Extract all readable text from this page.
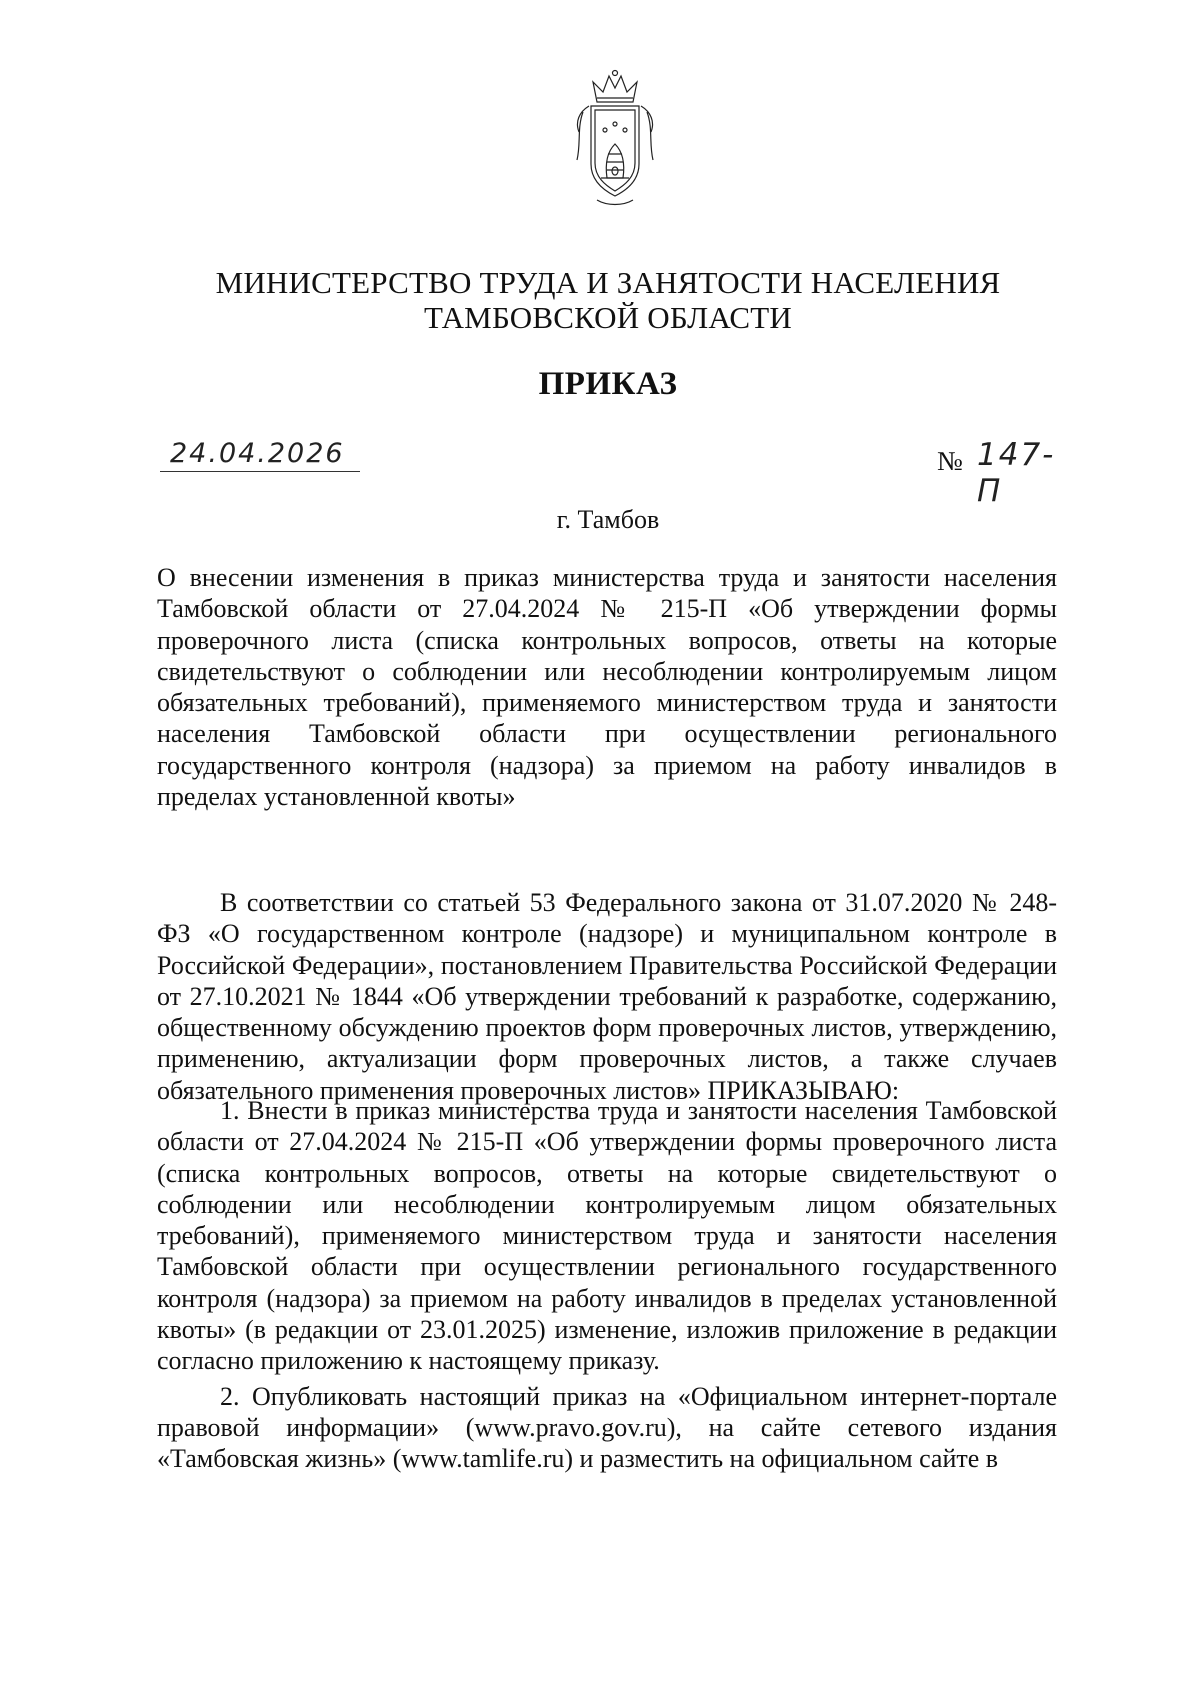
МИНИСТЕРСТВО ТРУДА И ЗАНЯТОСТИ НАСЕЛЕНИЯ
ТАМБОВСКОЙ ОБЛАСТИ
ПРИКАЗ
24.04.2026	№ 147-П
г. Тамбов
О внесении изменения в приказ министерства труда и занятости населения Тамбовской области от 27.04.2024 № 215-П «Об утверждении формы проверочного листа (списка контрольных вопросов, ответы на которые свидетельствуют о соблюдении или несоблюдении контролируемым лицом обязательных требований), применяемого министерством труда и занятости населения Тамбовской области при осуществлении регионального государственного контроля (надзора) за приемом на работу инвалидов в пределах установленной квоты»
В соответствии со статьей 53 Федерального закона от 31.07.2020 № 248-ФЗ «О государственном контроле (надзоре) и муниципальном контроле в Российской Федерации», постановлением Правительства Российской Федерации от 27.10.2021 № 1844 «Об утверждении требований к разработке, содержанию, общественному обсуждению проектов форм проверочных листов, утверждению, применению, актуализации форм проверочных листов, а также случаев обязательного применения проверочных листов» ПРИКАЗЫВАЮ:

1. Внести в приказ министерства труда и занятости населения Тамбовской области от 27.04.2024 № 215-П «Об утверждении формы проверочного листа (списка контрольных вопросов, ответы на которые свидетельствуют о соблюдении или несоблюдении контролируемым лицом обязательных требований), применяемого министерством труда и занятости населения Тамбовской области при осуществлении регионального государственного контроля (надзора) за приемом на работу инвалидов в пределах установленной квоты» (в редакции от 23.01.2025) изменение, изложив приложение в редакции согласно приложению к настоящему приказу.

2. Опубликовать настоящий приказ на «Официальном интернет-портале правовой информации» (www.pravo.gov.ru), на сайте сетевого издания «Тамбовская жизнь» (www.tamlife.ru) и разместить на официальном сайте в
